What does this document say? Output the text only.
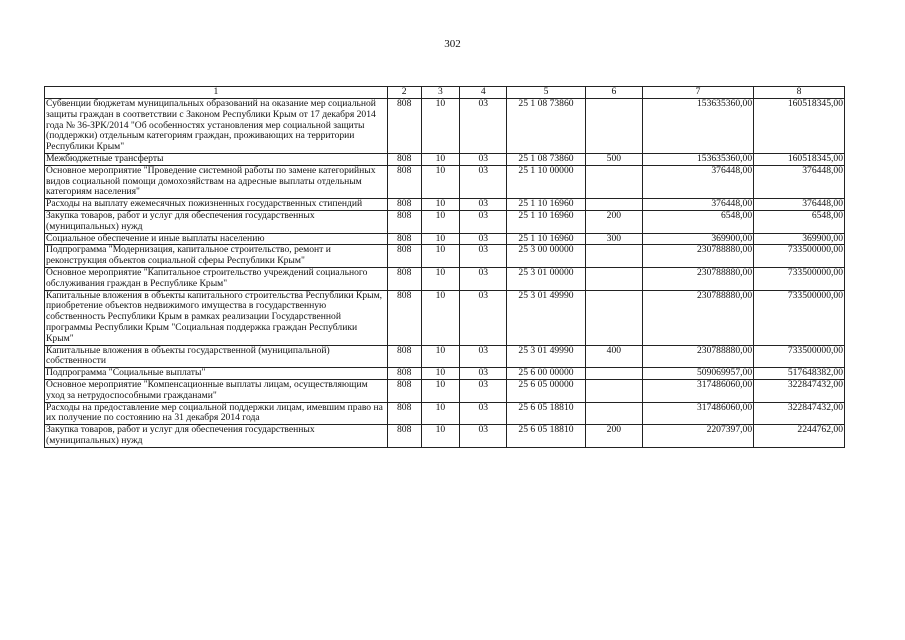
302
1	2	3	4	5	6	7	8
Субвенции бюджетам муниципальных образований на оказание мер социальной защиты граждан в соответствии с Законом Республики Крым от 17 декабря 2014 года № 36-ЗРК/2014 "Об особенностях установления мер социальной защиты (поддержки) отдельным категориям граждан, проживающих на территории Республики Крым"	808	10	03	25 1 08 73860		153635360,00	160518345,00
Межбюджетные трансферты	808	10	03	25 1 08 73860	500	153635360,00	160518345,00
Основное мероприятие "Проведение системной работы по замене категорийных видов социальной помощи домохозяйствам на адресные выплаты отдельным категориям населения"	808	10	03	25 1 10 00000		376448,00	376448,00
Расходы на выплату ежемесячных пожизненных государственных стипендий	808	10	03	25 1 10 16960		376448,00	376448,00
Закупка товаров, работ и услуг для обеспечения государственных (муниципальных) нужд	808	10	03	25 1 10 16960	200	6548,00	6548,00
Социальное обеспечение и иные выплаты населению	808	10	03	25 1 10 16960	300	369900,00	369900,00
Подпрограмма "Модернизация, капитальное строительство, ремонт и реконструкция объектов социальной сферы Республики Крым"	808	10	03	25 3 00 00000		230788880,00	733500000,00
Основное мероприятие "Капитальное строительство учреждений социального обслуживания граждан в Республике Крым"	808	10	03	25 3 01 00000		230788880,00	733500000,00
Капитальные вложения в объекты капитального строительства Республики Крым, приобретение объектов недвижимого имущества в государственную собственность Республики Крым в рамках реализации Государственной программы Республики Крым "Социальная поддержка граждан Республики Крым"	808	10	03	25 3 01 49990		230788880,00	733500000,00
Капитальные вложения в объекты государственной (муниципальной) собственности	808	10	03	25 3 01 49990	400	230788880,00	733500000,00
Подпрограмма "Социальные выплаты"	808	10	03	25 6 00 00000		509069957,00	517648382,00
Основное мероприятие "Компенсационные выплаты лицам, осуществляющим уход за нетрудоспособными гражданами"	808	10	03	25 6 05 00000		317486060,00	322847432,00
Расходы на предоставление мер социальной поддержки лицам, имевшим право на их получение по состоянию на 31 декабря 2014 года	808	10	03	25 6 05 18810		317486060,00	322847432,00
Закупка товаров, работ и услуг для обеспечения государственных (муниципальных) нужд	808	10	03	25 6 05 18810	200	2207397,00	2244762,00
